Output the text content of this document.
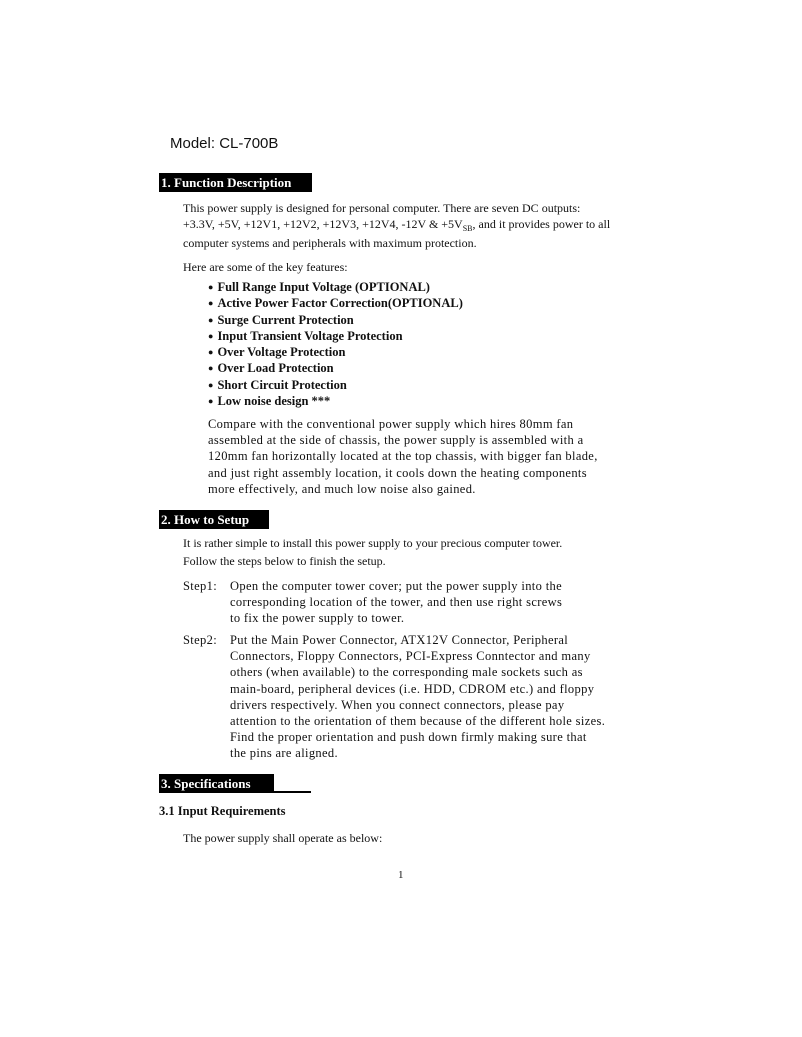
Model: CL-700B
1. Function Description
This power supply is designed for personal computer. There are seven DC outputs:
+3.3V, +5V, +12V1, +12V2, +12V3, +12V4, -12V & $+5V_{SB}$, and it provides power to all
computer systems and peripherals with maximum protection.
Here are some of the key features:
● Full Range Input Voltage (OPTIONAL)
● Active Power Factor Correction(OPTIONAL)
● Surge Current Protection
● Input Transient Voltage Protection
● Over Voltage Protection
● Over Load Protection
● Short Circuit Protection
● Low noise design ***
Compare with the conventional power supply which hires 80mm fan
assembled at the side of chassis, the power supply is assembled with a
120mm fan horizontally located at the top chassis, with bigger fan blade,
and just right assembly location, it cools down the heating components
more effectively, and much low noise also gained.
2. How to Setup
It is rather simple to install this power supply to your precious computer tower.
Follow the steps below to finish the setup.
Step1: Open the computer tower cover; put the power supply into the
corresponding location of the tower, and then use right screws
to fix the power supply to tower.
Step2: Put the Main Power Connector, ATX12V Connector, Peripheral
Connectors, Floppy Connectors, PCI-Express Conntector and many
others (when available) to the corresponding male sockets such as
main-board, peripheral devices (i.e. HDD, CDROM etc.) and floppy
drivers respectively. When you connect connectors, please pay
attention to the orientation of them because of the different hole sizes.
Find the proper orientation and push down firmly making sure that
the pins are aligned.
3. Specifications
3.1 Input Requirements
The power supply shall operate as below:
1
